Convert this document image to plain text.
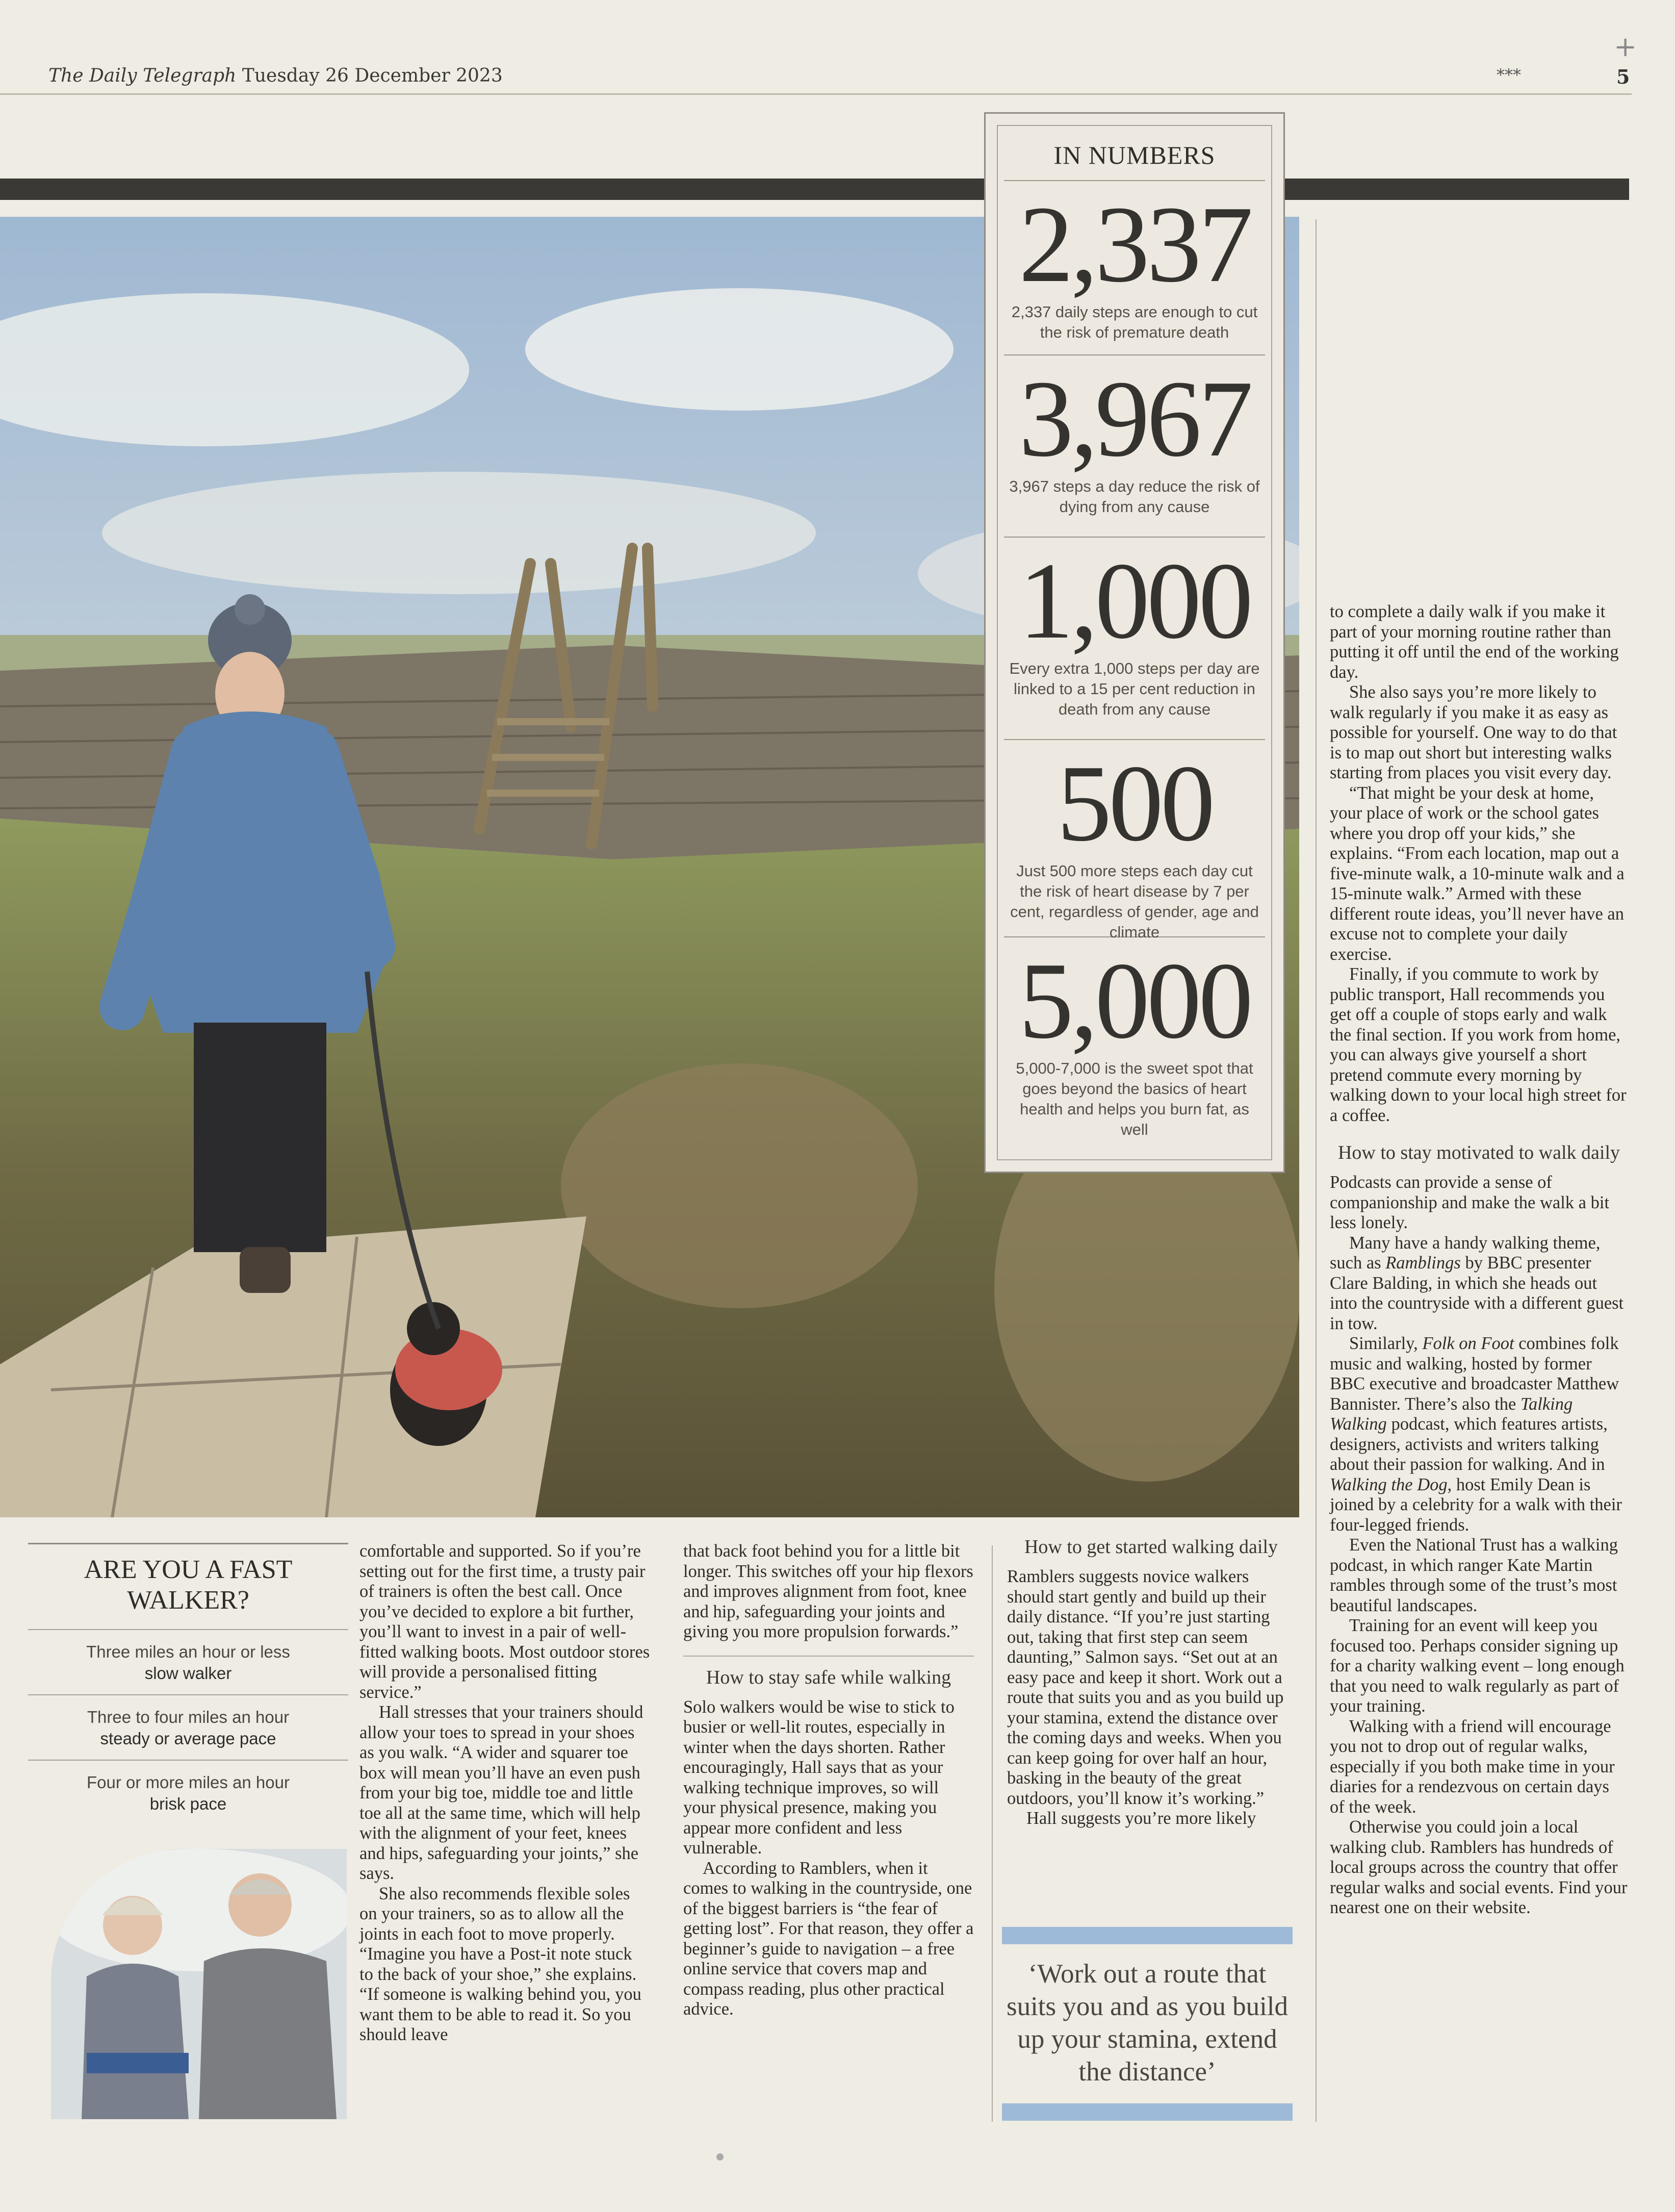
The Daily Telegraph Tuesday 26 December 2023	***	5
+
IN NUMBERS
2,337
2,337 daily steps are enough to cut the risk of premature death
3,967
3,967 steps a day reduce the risk of dying from any cause
1,000
Every extra 1,000 steps per day are linked to a 15 per cent reduction in death from any cause
500
Just 500 more steps each day cut the risk of heart disease by 7 per cent, regardless of gender, age and climate
5,000
5,000-7,000 is the sweet spot that goes beyond the basics of heart health and helps you burn fat, as well
ARE YOU A FAST
WALKER?
Three miles an hour or less
slow walker
Three to four miles an hour
steady or average pace
Four or more miles an hour
brisk pace

comfortable and supported. So if you’re setting out for the first time, a trusty pair of trainers is often the best call. Once you’ve decided to explore a bit further, you’ll want to invest in a pair of well-fitted walking boots. Most outdoor stores will provide a personalised fitting service.”

Hall stresses that your trainers should allow your toes to spread in your shoes as you walk. “A wider and squarer toe box will mean you’ll have an even push from your big toe, middle toe and little toe all at the same time, which will help with the alignment of your feet, knees and hips, safeguarding your joints,” she says.

She also recommends flexible soles on your trainers, so as to allow all the joints in each foot to move properly. “Imagine you have a Post-it note stuck to the back of your shoe,” she explains. “If someone is walking behind you, you want them to be able to read it. So you should leave

that back foot behind you for a little bit longer. This switches off your hip flexors and improves alignment from foot, knee and hip, safeguarding your joints and giving you more propulsion forwards.”

How to stay safe while walking

Solo walkers would be wise to stick to busier or well-lit routes, especially in winter when the days shorten. Rather encouragingly, Hall says that as your walking technique improves, so will your physical presence, making you appear more confident and less vulnerable.

According to Ramblers, when it comes to walking in the countryside, one of the biggest barriers is “the fear of getting lost”. For that reason, they offer a beginner’s guide to navigation – a free online service that covers map and compass reading, plus other practical advice.

How to get started walking daily

Ramblers suggests novice walkers should start gently and build up their daily distance. “If you’re just starting out, taking that first step can seem daunting,” Salmon says. “Set out at an easy pace and keep it short. Work out a route that suits you and as you build up your stamina, extend the distance over the coming days and weeks. When you can keep going for over half an hour, basking in the beauty of the great outdoors, you’ll know it’s working.”

Hall suggests you’re more likely

‘Work out a route that suits you and as you build up your stamina, extend the distance’

to complete a daily walk if you make it part of your morning routine rather than putting it off until the end of the working day.

She also says you’re more likely to walk regularly if you make it as easy as possible for yourself. One way to do that is to map out short but interesting walks starting from places you visit every day.

“That might be your desk at home, your place of work or the school gates where you drop off your kids,” she explains. “From each location, map out a five-minute walk, a 10-minute walk and a 15-minute walk.” Armed with these different route ideas, you’ll never have an excuse not to complete your daily exercise.

Finally, if you commute to work by public transport, Hall recommends you get off a couple of stops early and walk the final section. If you work from home, you can always give yourself a short pretend commute every morning by walking down to your local high street for a coffee.

How to stay motivated to walk daily

Podcasts can provide a sense of companionship and make the walk a bit less lonely.

Many have a handy walking theme, such as Ramblings by BBC presenter Clare Balding, in which she heads out into the countryside with a different guest in tow.

Similarly, Folk on Foot combines folk music and walking, hosted by former BBC executive and broadcaster Matthew Bannister. There’s also the Talking Walking podcast, which features artists, designers, activists and writers talking about their passion for walking. And in Walking the Dog, host Emily Dean is joined by a celebrity for a walk with their four-legged friends.

Even the National Trust has a walking podcast, in which ranger Kate Martin rambles through some of the trust’s most beautiful landscapes.

Training for an event will keep you focused too. Perhaps consider signing up for a charity walking event – long enough that you need to walk regularly as part of your training.

Walking with a friend will encourage you not to drop out of regular walks, especially if you both make time in your diaries for a rendezvous on certain days of the week.

Otherwise you could join a local walking club. Ramblers has hundreds of local groups across the country that offer regular walks and social events. Find your nearest one on their website.
